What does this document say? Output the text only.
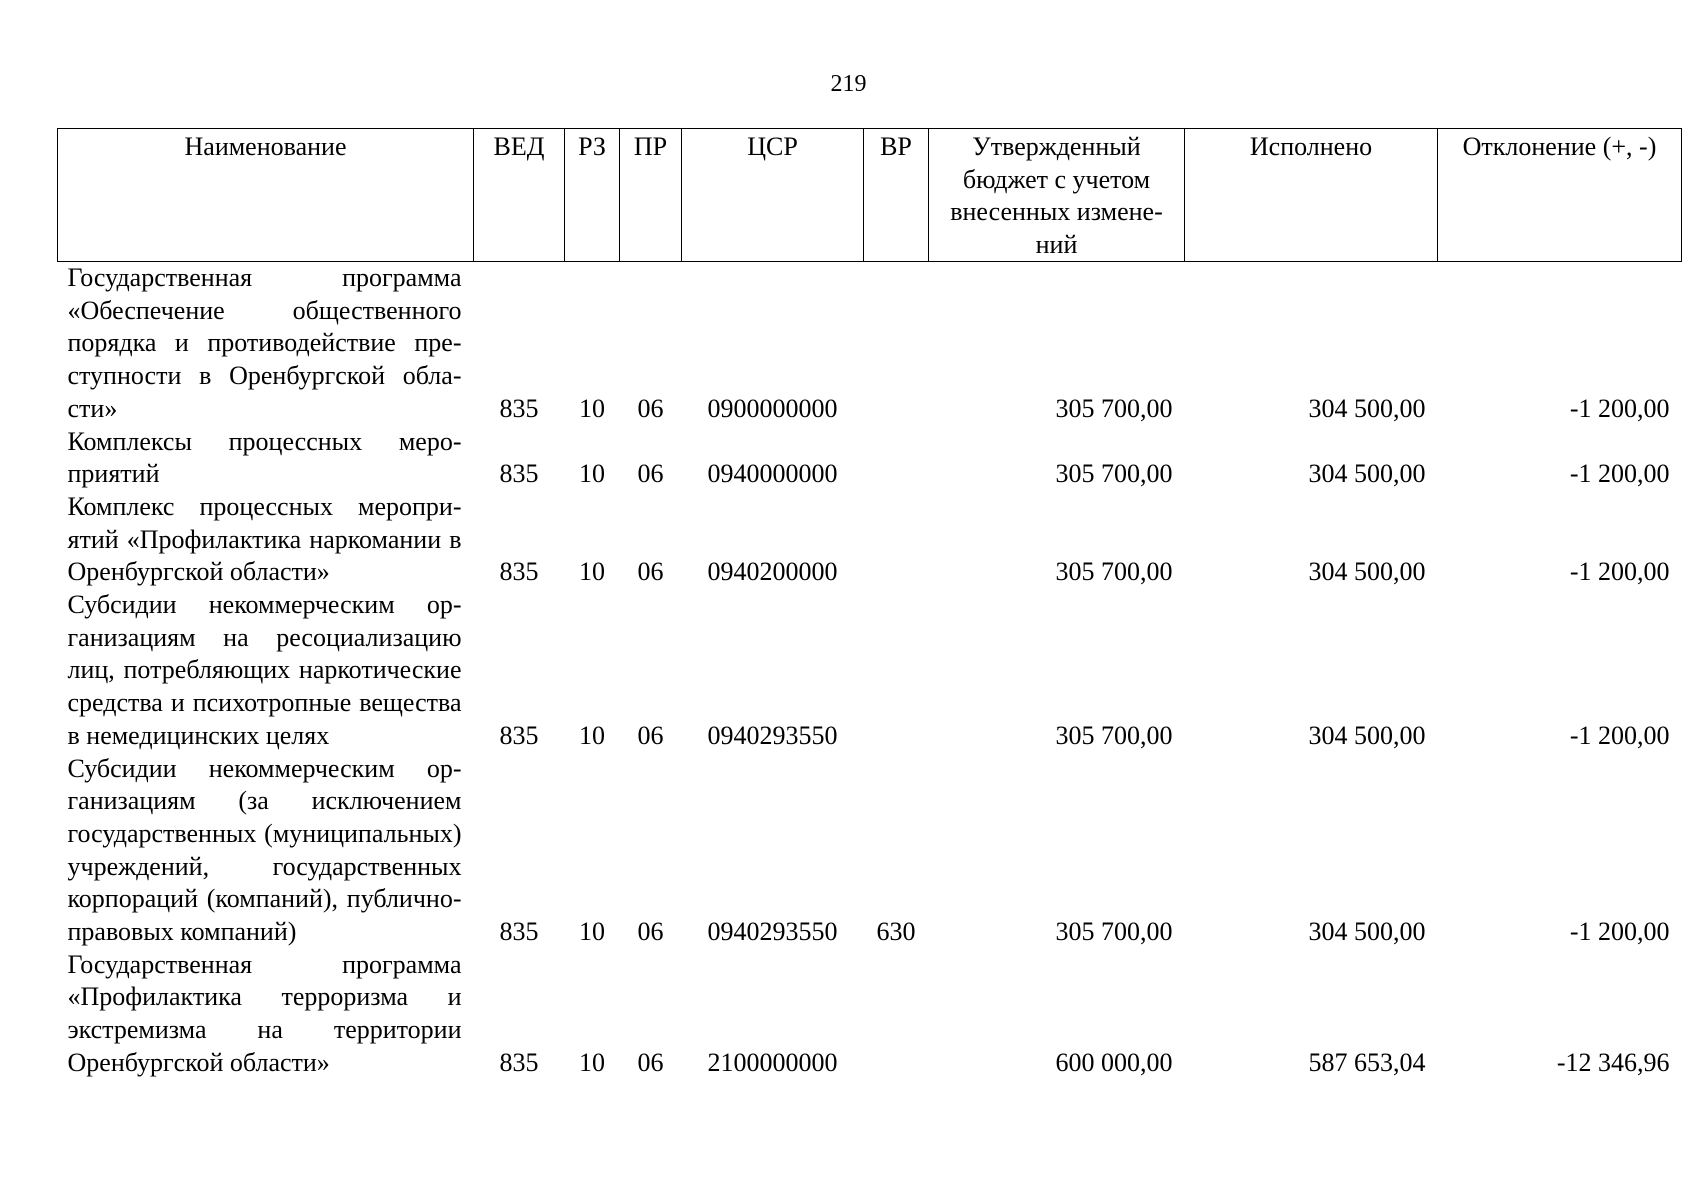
219
Наименование	ВЕД	РЗ	ПР	ЦСР	ВР	Утвержденный бюджет с учетом внесенных изменений	Исполнено	Отклонение (+, -)
Государственная программа «Обеспечение общественного порядка и противодействие преступности в Оренбургской области»	835	10	06	0900000000		305 700,00	304 500,00	-1 200,00
Комплексы процессных мероприятий	835	10	06	0940000000		305 700,00	304 500,00	-1 200,00
Комплекс процессных мероприятий «Профилактика наркомании в Оренбургской области»	835	10	06	0940200000		305 700,00	304 500,00	-1 200,00
Субсидии некоммерческим организациям на ресоциализацию лиц, потребляющих наркотические средства и психотропные вещества в немедицинских целях	835	10	06	0940293550		305 700,00	304 500,00	-1 200,00
Субсидии некоммерческим организациям (за исключением государственных (муниципальных) учреждений, государственных корпораций (компаний), публично-правовых компаний)	835	10	06	0940293550	630	305 700,00	304 500,00	-1 200,00
Государственная программа «Профилактика терроризма и экстремизма на территории Оренбургской области»	835	10	06	2100000000		600 000,00	587 653,04	-12 346,96
